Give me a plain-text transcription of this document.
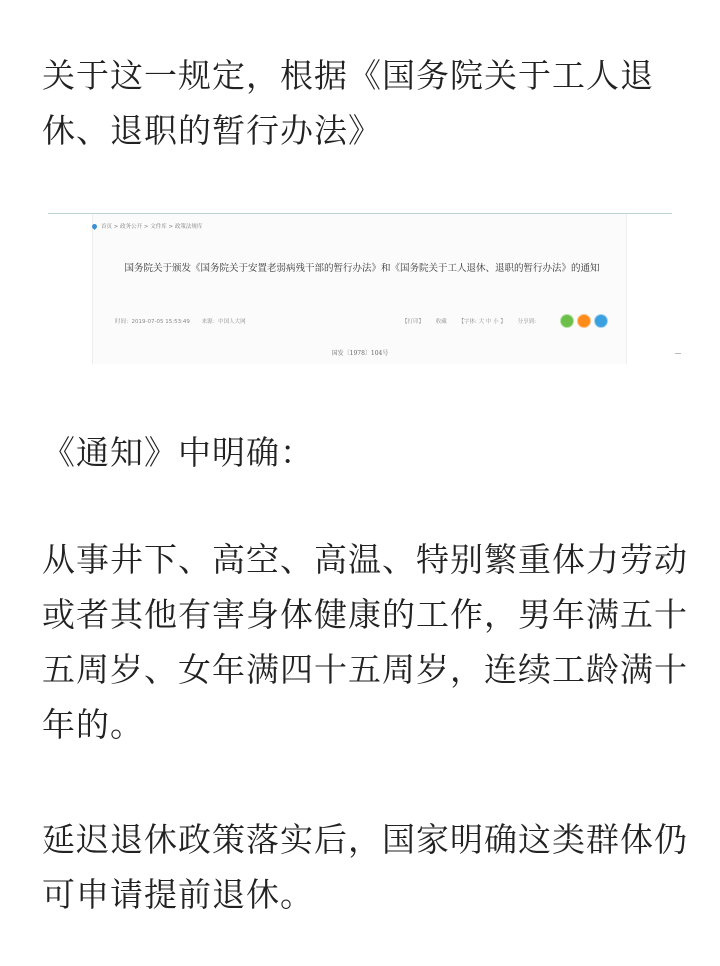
关于这一规定，根据《国务院关于工人退休、退职的暂行办法》

首页 > 政务公开 > 文件库 > 政策法规库
国务院关于颁发《国务院关于安置老弱病残干部的暂行办法》和《国务院关于工人退休、退职的暂行办法》的通知
时间：2019-07-05 15:53:49 来源：中国人大网	【打印】 收藏 【字体: 大 中 小 】 分享到:
国发〔1978〕104号

《通知》中明确：

从事井下、高空、高温、特别繁重体力劳动或者其他有害身体健康的工作，男年满五十五周岁、女年满四十五周岁，连续工龄满十年的。

延迟退休政策落实后，国家明确这类群体仍可申请提前退休。
